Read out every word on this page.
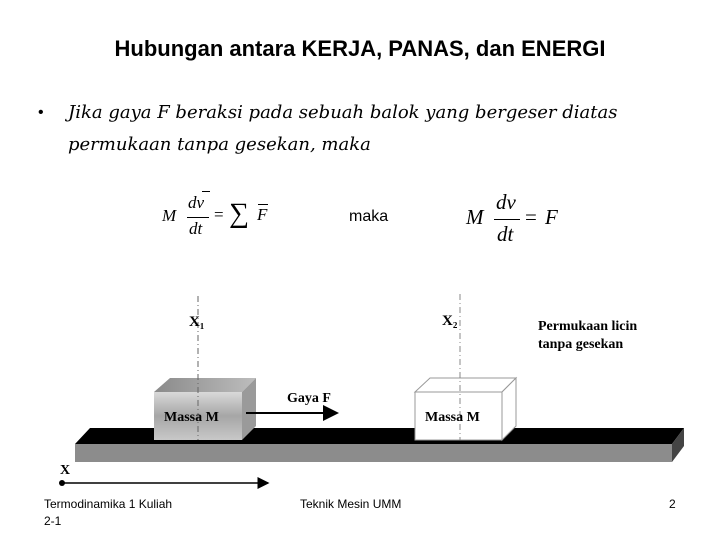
Hubungan antara KERJA, PANAS, dan ENERGI
• Jika gaya F beraksi pada sebuah balok yang bergeser diatas
permukaan tanpa gesekan, maka
M
dv
dt
= ∑ F	maka	M
dv
dt
= F
X₁	X₂	Permukaan licin
tanpa gesekan
Gaya F
Massa M	Massa M
X
Termodinamika 1 Kuliah
2-1
Teknik Mesin UMM	2
